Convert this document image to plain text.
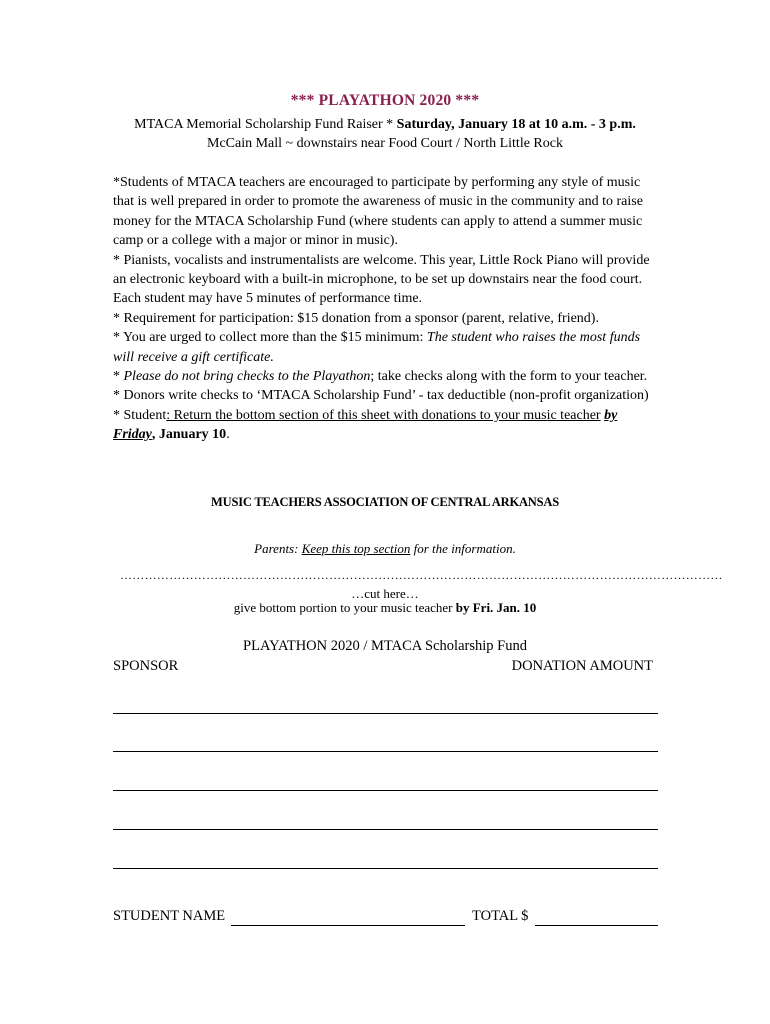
*** PLAYATHON 2020 ***
MTACA Memorial Scholarship Fund Raiser * Saturday, January 18 at 10 a.m. - 3 p.m.
McCain Mall ~ downstairs near Food Court / North Little Rock

*Students of MTACA teachers are encouraged to participate by performing any style of music that is well prepared in order to promote the awareness of music in the community and to raise money for the MTACA Scholarship Fund (where students can apply to attend a summer music camp or a college with a major or minor in music).

* Pianists, vocalists and instrumentalists are welcome. This year, Little Rock Piano will provide an electronic keyboard with a built-in microphone, to be set up downstairs near the food court. Each student may have 5 minutes of performance time.

* Requirement for participation: $15 donation from a sponsor (parent, relative, friend).

* You are urged to collect more than the $15 minimum: The student who raises the most funds will receive a gift certificate.

* Please do not bring checks to the Playathon; take checks along with the form to your teacher.

* Donors write checks to ‘MTACA Scholarship Fund’ - tax deductible (non-profit organization)

* Student: Return the bottom section of this sheet with donations to your music teacher by Friday, January 10.

MUSIC TEACHERS ASSOCIATION OF CENTRAL ARKANSAS
Parents: Keep this top section for the information.
…………………………………………………………………………………………………………………………………
…cut here…
give bottom portion to your music teacher by Fri. Jan. 10
PLAYATHON 2020 / MTACA Scholarship Fund
SPONSOR	DONATION AMOUNT
STUDENT NAME	TOTAL $
